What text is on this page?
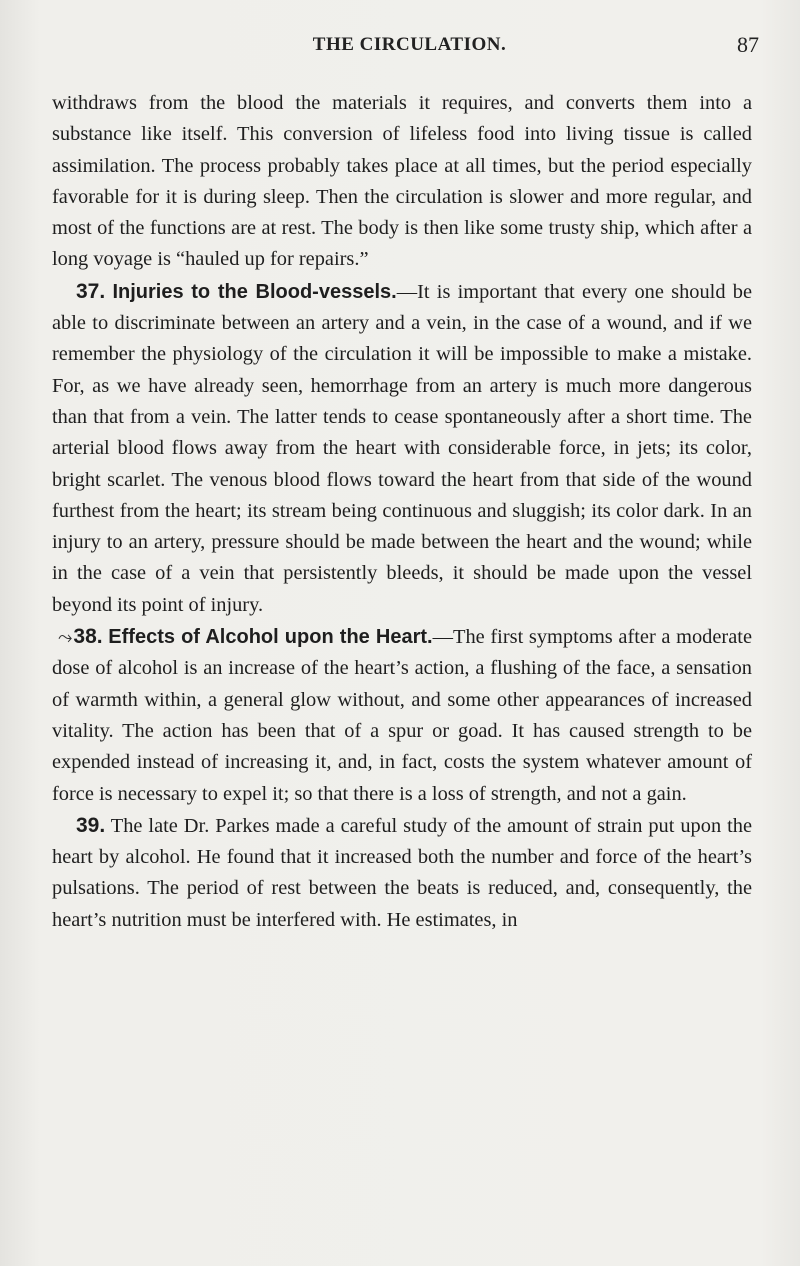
THE CIRCULATION.	87

withdraws from the blood the materials it requires, and converts them into a substance like itself. This conversion of lifeless food into living tissue is called assimilation. The process probably takes place at all times, but the period especially favorable for it is during sleep. Then the circulation is slower and more regular, and most of the functions are at rest. The body is then like some trusty ship, which after a long voyage is “hauled up for repairs.”

37. Injuries to the Blood-vessels.—It is important that every one should be able to discriminate between an artery and a vein, in the case of a wound, and if we remember the physiology of the circulation it will be impossible to make a mistake. For, as we have already seen, hemorrhage from an artery is much more dangerous than that from a vein. The latter tends to cease spontaneously after a short time. The arterial blood flows away from the heart with considerable force, in jets; its color, bright scarlet. The venous blood flows toward the heart from that side of the wound furthest from the heart; its stream being continuous and sluggish; its color dark. In an injury to an artery, pressure should be made between the heart and the wound; while in the case of a vein that persistently bleeds, it should be made upon the vessel beyond its point of injury.

⤳38. Effects of Alcohol upon the Heart.—The first symptoms after a moderate dose of alcohol is an increase of the heart’s action, a flushing of the face, a sensation of warmth within, a general glow without, and some other appearances of increased vitality. The action has been that of a spur or goad. It has caused strength to be expended instead of increasing it, and, in fact, costs the system whatever amount of force is necessary to expel it; so that there is a loss of strength, and not a gain.

39. The late Dr. Parkes made a careful study of the amount of strain put upon the heart by alcohol. He found that it increased both the number and force of the heart’s pulsations. The period of rest between the beats is reduced, and, consequently, the heart’s nutrition must be interfered with. He estimates, in
